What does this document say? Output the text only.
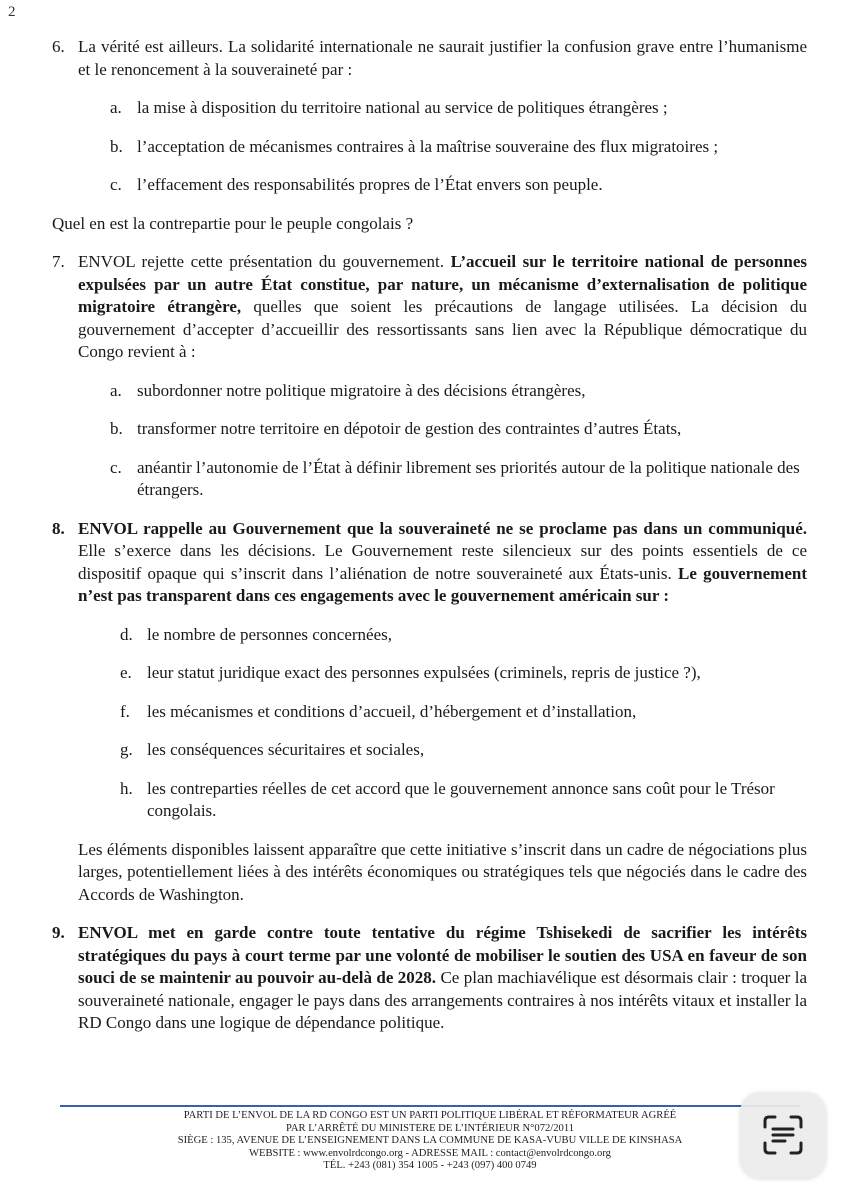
2
6. La vérité est ailleurs. La solidarité internationale ne saurait justifier la confusion grave entre l’humanisme et le renoncement à la souveraineté par :
a. la mise à disposition du territoire national au service de politiques étrangères ;
b. l’acceptation de mécanismes contraires à la maîtrise souveraine des flux migratoires ;
c. l’effacement des responsabilités propres de l’État envers son peuple.
Quel en est la contrepartie pour le peuple congolais ?
7. ENVOL rejette cette présentation du gouvernement. L’accueil sur le territoire national de personnes expulsées par un autre État constitue, par nature, un mécanisme d’externalisation de politique migratoire étrangère, quelles que soient les précautions de langage utilisées. La décision du gouvernement d’accepter d’accueillir des ressortissants sans lien avec la République démocratique du Congo revient à :
a. subordonner notre politique migratoire à des décisions étrangères,
b. transformer notre territoire en dépotoir de gestion des contraintes d’autres États,
c. anéantir l’autonomie de l’État à définir librement ses priorités autour de la politique nationale des étrangers.
8. ENVOL rappelle au Gouvernement que la souveraineté ne se proclame pas dans un communiqué. Elle s’exerce dans les décisions. Le Gouvernement reste silencieux sur des points essentiels de ce dispositif opaque qui s’inscrit dans l’aliénation de notre souveraineté aux États-unis. Le gouvernement n’est pas transparent dans ces engagements avec le gouvernement américain sur :
d. le nombre de personnes concernées,
e. leur statut juridique exact des personnes expulsées (criminels, repris de justice ?),
f.	les mécanismes et conditions d’accueil, d’hébergement et d’installation,
g. les conséquences sécuritaires et sociales,
h. les contreparties réelles de cet accord que le gouvernement annonce sans coût pour le Trésor congolais.
Les éléments disponibles laissent apparaître que cette initiative s’inscrit dans un cadre de négociations plus larges, potentiellement liées à des intérêts économiques ou stratégiques tels que négociés dans le cadre des Accords de Washington.
9. ENVOL met en garde contre toute tentative du régime Tshisekedi de sacrifier les intérêts stratégiques du pays à court terme par une volonté de mobiliser le soutien des USA en faveur de son souci de se maintenir au pouvoir au-delà de 2028. Ce plan machiavélique est désormais clair : troquer la souveraineté nationale, engager le pays dans des arrangements contraires à nos intérêts vitaux et installer la RD Congo dans une logique de dépendance politique.
PARTI DE L’ENVOL DE LA RD CONGO EST UN PARTI POLITIQUE LIBÉRAL ET RÉFORMATEUR AGRÉÉ
PAR L’ARRÊTÉ DU MINISTERE DE L’INTÉRIEUR N°072/2011
SIÈGE : 135, AVENUE DE L’ENSEIGNEMENT DANS LA COMMUNE DE KASA-VUBU VILLE DE KINSHASA
WEBSITE : www.envolrdcongo.org - ADRESSE MAIL : contact@envolrdcongo.org
TÉL. +243 (081) 354 1005 - +243 (097) 400 0749
